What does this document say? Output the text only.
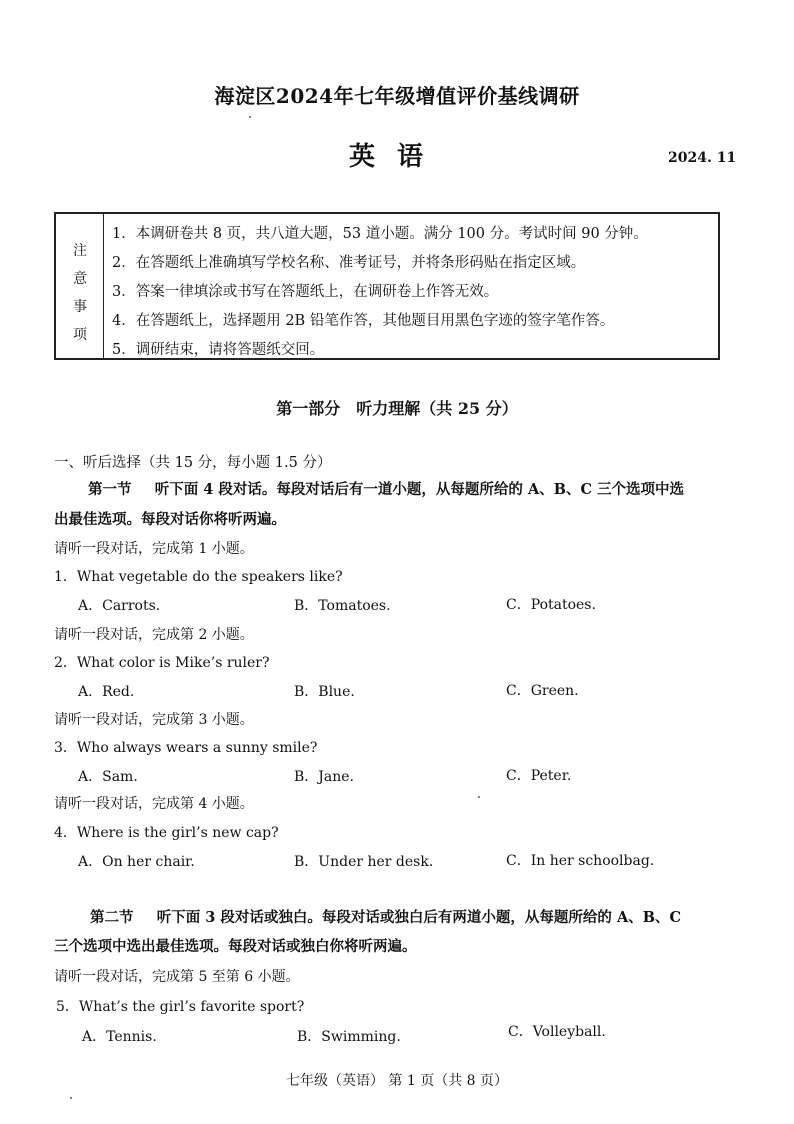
海淀区2024年七年级增值评价基线调研
英语	2024. 11
注
意
事
项
1．本调研卷共 8 页，共八道大题，53 道小题。满分 100 分。考试时间 90 分钟。
2．在答题纸上准确填写学校名称、准考证号，并将条形码贴在指定区域。
3．答案一律填涂或书写在答题纸上，在调研卷上作答无效。
4．在答题纸上，选择题用 2B 铅笔作答，其他题目用黑色字迹的签字笔作答。
5．调研结束，请将答题纸交回。
第一部分　听力理解（共 25 分）
一、听后选择（共 15 分，每小题 1.5 分）
第一节 听下面 4 段对话。每段对话后有一道小题，从每题所给的 A、B、C 三个选项中选
出最佳选项。每段对话你将听两遍。
请听一段对话，完成第 1 小题。
1．What vegetable do the speakers like?
A．Carrots.	B．Tomatoes.	C．Potatoes.
请听一段对话，完成第 2 小题。
2．What color is Mike’s ruler?
A．Red.	B．Blue.	C．Green.
请听一段对话，完成第 3 小题。
3．Who always wears a sunny smile?
A．Sam.	B．Jane.	C．Peter.
请听一段对话，完成第 4 小题。
4．Where is the girl’s new cap?
A．On her chair.	B．Under her desk.	C．In her schoolbag.
第二节 听下面 3 段对话或独白。每段对话或独白后有两道小题，从每题所给的 A、B、C
三个选项中选出最佳选项。每段对话或独白你将听两遍。
请听一段对话，完成第 5 至第 6 小题。
5．What’s the girl’s favorite sport?
A．Tennis.	B．Swimming.	C．Volleyball.
七年级（英语） 第 1 页（共 8 页）
